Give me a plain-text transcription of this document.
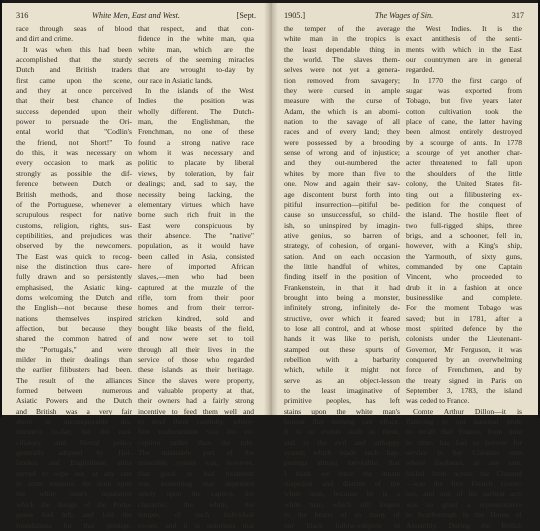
316	White Men, East and West.	[Sept.
race through seas of blood
and dirt and crime.
It was when this had been
accomplished that the sturdy
Dutch and British traders
first came upon the scene,
and they at once perceived
that their best chance of
success depended upon their
power to persuade the Ori-
ental world that "Codlin's
the friend, not Short!" To
do this, it was necessary on
every occasion to mark as
strongly as possible the dif-
ference between Dutch or
British methods, and those
of the Portuguese, whenever a
scrupulous respect for native
customs, religion, rights, sus-
ceptibilities, and prejudices was
observed by the newcomers.
The East was quick to recog-
nise the distinction thus care-
fully drawn and so persistently
emphasised, the Asiatic king-
doms welcoming the Dutch and
the English—not because these
nations themselves inspired
affection, but because they
shared the common hatred of
the "Portugals," and were
milder in their dealings than
the earlier filibusters had been.
The result of the alliances
formed between numerous
Asiatic Powers and the Dutch
and British was a very fair
shore in unconquerable dis-
tinctness to-day, but the con-
ciliatory and liberal policy
generally adopted by Hol-
landers and Englishmen alike
served to wipe out, at any rate
in some measure, the stain upon
the white man's reputation
which the doings of the Portu-
guese had left, and laid the
foundations for that prestige,
that respect, and that con-
fidence in the white man, qua
white man, which are the
secrets of the seeming miracles
that are wrought to-day by
our race in Asiatic lands.
In the islands of the West
Indies the position was
wholly different. The Dutch-
man, the Englishman, the
Frenchman, no one of these
found a strong native race
whom it was necessary and
politic to placate by liberal
views, by toleration, by fair
dealings; and, sad to say, the
necessity being lacking, the
elementary virtues which have
borne such rich fruit in the
East were conspicuous by
their absence. The "native"
population, as it would have
been called in Asia, consisted
here of imported African
slaves,—men who had been
captured at the muzzle of the
rifle, torn from their poor
homes and from their terror-
stricken kindred, sold and
bought like beasts of the field,
and now were set to toil
through all their lives in the
service of those who regarded
these islands as their heritage.
Since the slaves were property,
and valuable property at that,
their owners had a fairly strong
incentive to feed them well and
to tend them carefully, where-
fore maltreatment was the ex-
ception rather than the rule.
The miserable part of the
miserable system was, however,
that good or bad treatment
was something that depended
solely upon the caprice, the
character, the whim, the
temper, of each individual
owner, and it is notorious that
1905.]	The Wages of Sin.	317
the temper of the average
white man in the tropics is
the least dependable thing in
the world. The slaves them-
selves were not yet a genera-
tion removed from savagery;
they were cursed in ample
measure with the curse of
Adam, the which is an abomi-
nation to the savage of all
races and of every land; they
were possessed by a brooding
sense of wrong and of injustice;
and they out-numbered the
whites by more than five to
one. Now and again their sav-
age discontent burst forth into
pitiful insurrection—pitiful be-
cause so unsuccessful, so child-
ish, so uninspired by imagin-
ative genius, so barren of
strategy, of cohesion, of organi-
sation. And on each occasion
the little handful of whites,
finding itself in the position of
Frankenstein, in that it had
brought into being a monster,
infinitely strong, infinitely de-
structive, over which it feared
to lose all control, and at whose
hands it was like to perish,
stamped out these spurts of
rebellion with a barbarity
which, while it might not
serve as an object-lesson
to the least imaginative of
primitive peoples, has left
stains upon the white man's
honour that nothing can efface.
It is to events such as these,
and to the evil and unhappy
system which made such hap-
penings almost inevitable, that
I think we trace the innate
suspicion and distrust of the
white man, because he is a
white man, which still lingers
in the hearts of so many of
our black follow-subjects in
the West Indies. It is the
exact antithesis of the senti-
ments with which in the East
our countrymen are in general
regarded.
In 1770 the first cargo of
sugar was exported from
Tobago, but five years later
cotton cultivation took the
place of cane, the latter having
been almost entirely destroyed
by a scourge of ants. In 1778
a scourge of yet another char-
acter threatened to fall upon
the shoulders of the little
colony, the United States fit-
ting out a filibustering ex-
pedition for the conquest of
the island. The hostile fleet of
two full-rigged ships, three
brigs, and a schooner, fell in,
however, with a King's ship,
the Yarmouth, of sixty guns,
commanded by one Captain
Vincent, who proceeded to
drub it in a fashion at once
businesslike and complete.
For the moment Tobago was
saved; but in 1781, after a
most spirited defence by the
colonists under the Lieutenant-
Governor, Mr Ferguson, it was
conquered by an overwhelming
force of Frenchmen, and by
the treaty signed in Paris on
September 3, 1783, the island
was ceded to France.
Comte Arthur Dillon—it is
flattering to our national pride
to recall that France, from time
to time, has had to borrow for
service in her Colonies men
whose forebears, at any rate,
hailed from across the Channel
—was the first French Gover-
nor, and one of his earliest acts
was to grant a representative
to Scarborough in the House of
Assembly. During the British
